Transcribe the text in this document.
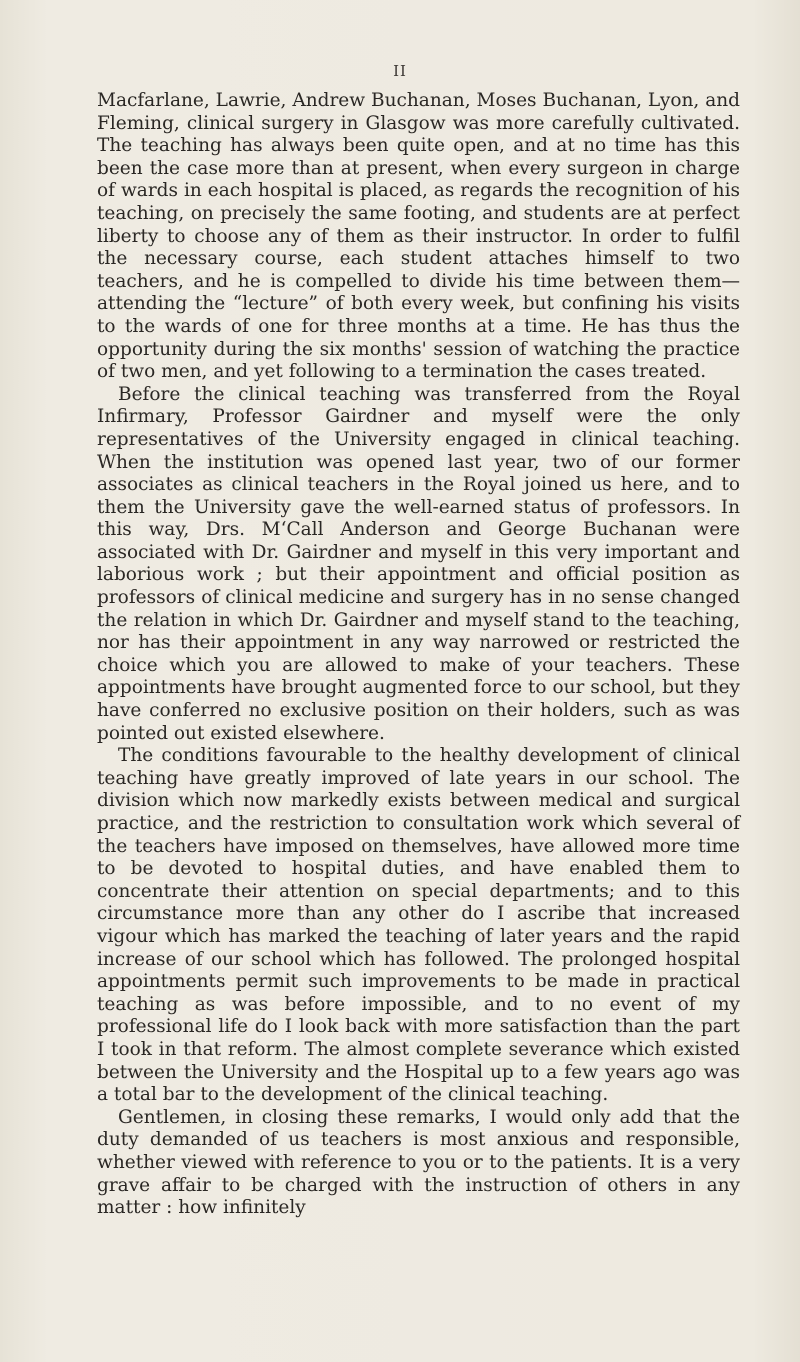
II

Macfarlane, Lawrie, Andrew Buchanan, Moses Buchanan, Lyon, and Fleming, clinical surgery in Glasgow was more carefully cultivated. The teaching has always been quite open, and at no time has this been the case more than at present, when every surgeon in charge of wards in each hospital is placed, as regards the recognition of his teaching, on precisely the same footing, and students are at perfect liberty to choose any of them as their instructor. In order to fulfil the necessary course, each student attaches himself to two teachers, and he is compelled to divide his time between them—attending the “lecture” of both every week, but confining his visits to the wards of one for three months at a time. He has thus the opportunity during the six months' session of watching the practice of two men, and yet following to a termination the cases treated.

Before the clinical teaching was transferred from the Royal Infirmary, Professor Gairdner and myself were the only representatives of the University engaged in clinical teaching. When the institution was opened last year, two of our former associates as clinical teachers in the Royal joined us here, and to them the University gave the well-earned status of professors. In this way, Drs. M‘Call Anderson and George Buchanan were associated with Dr. Gairdner and myself in this very important and laborious work ; but their appointment and official position as professors of clinical medicine and surgery has in no sense changed the relation in which Dr. Gairdner and myself stand to the teaching, nor has their appointment in any way narrowed or restricted the choice which you are allowed to make of your teachers. These appointments have brought augmented force to our school, but they have conferred no exclusive position on their holders, such as was pointed out existed elsewhere.

The conditions favourable to the healthy development of clinical teaching have greatly improved of late years in our school. The division which now markedly exists between medical and surgical practice, and the restriction to consultation work which several of the teachers have imposed on themselves, have allowed more time to be devoted to hospital duties, and have enabled them to concentrate their attention on special departments; and to this circumstance more than any other do I ascribe that increased vigour which has marked the teaching of later years and the rapid increase of our school which has followed. The prolonged hospital appointments permit such improvements to be made in practical teaching as was before impossible, and to no event of my professional life do I look back with more satisfaction than the part I took in that reform. The almost complete severance which existed between the University and the Hospital up to a few years ago was a total bar to the development of the clinical teaching.

Gentlemen, in closing these remarks, I would only add that the duty demanded of us teachers is most anxious and responsible, whether viewed with reference to you or to the patients. It is a very grave affair to be charged with the instruction of others in any matter : how infinitely
